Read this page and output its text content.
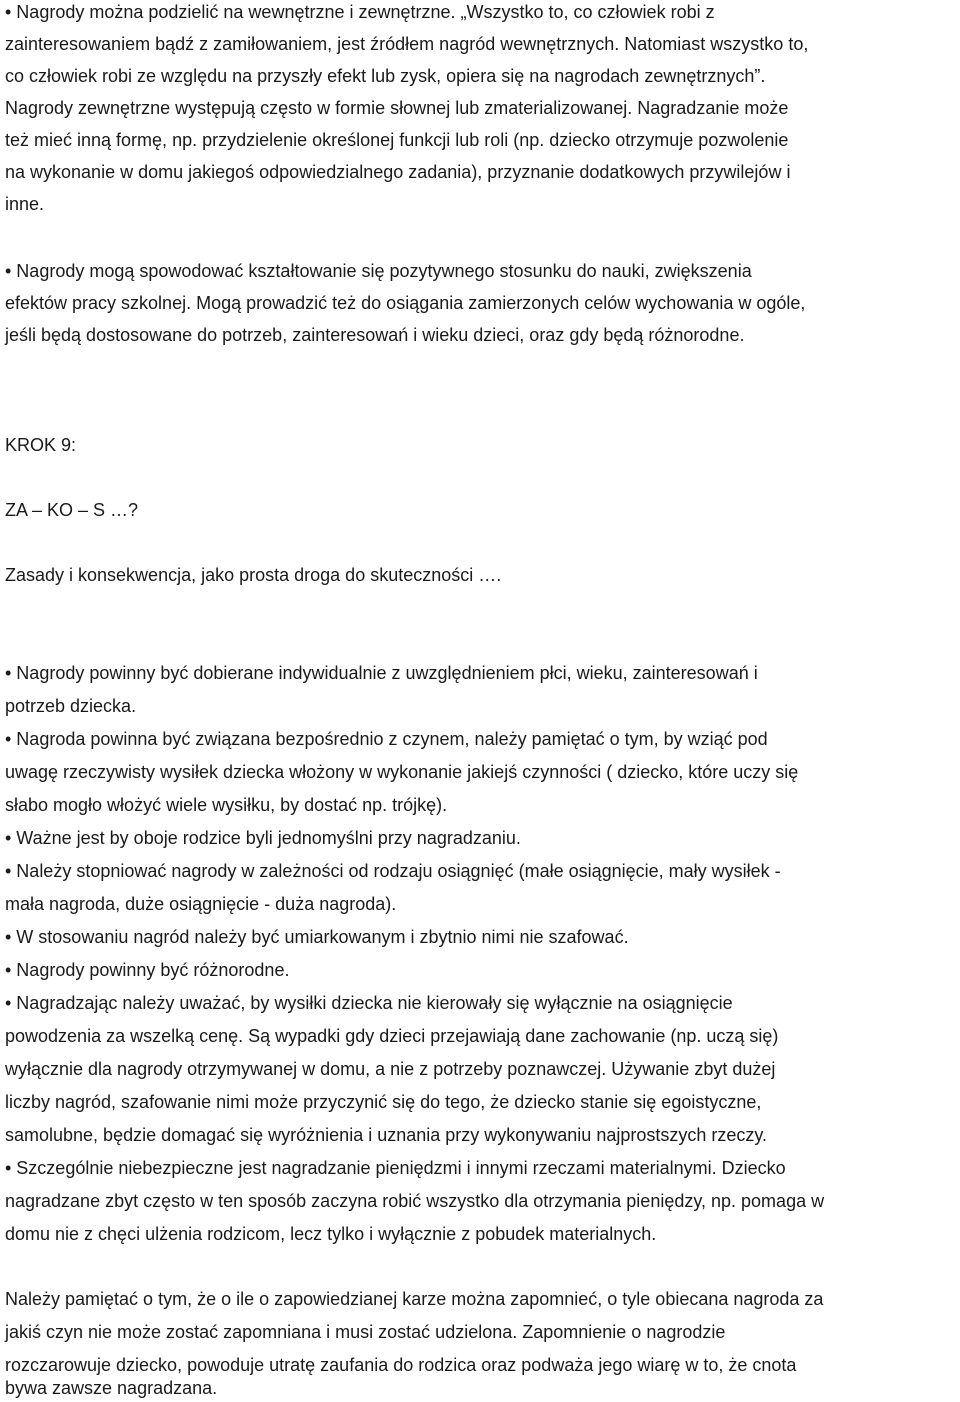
• Nagrody można podzielić na wewnętrzne i zewnętrzne. „Wszystko to, co człowiek robi z
zainteresowaniem bądź z zamiłowaniem, jest źródłem nagród wewnętrznych. Natomiast wszystko to,
co człowiek robi ze względu na przyszły efekt lub zysk, opiera się na nagrodach zewnętrznych”.
Nagrody zewnętrzne występują często w formie słownej lub zmaterializowanej. Nagradzanie może
też mieć inną formę, np. przydzielenie określonej funkcji lub roli (np. dziecko otrzymuje pozwolenie
na wykonanie w domu jakiegoś odpowiedzialnego zadania), przyznanie dodatkowych przywilejów i
inne.
• Nagrody mogą spowodować kształtowanie się pozytywnego stosunku do nauki, zwiększenia
efektów pracy szkolnej. Mogą prowadzić też do osiągania zamierzonych celów wychowania w ogóle,
jeśli będą dostosowane do potrzeb, zainteresowań i wieku dzieci, oraz gdy będą różnorodne.
KROK 9:
ZA – KO – S …?
Zasady i konsekwencja, jako prosta droga do skuteczności ….
• Nagrody powinny być dobierane indywidualnie z uwzględnieniem płci, wieku, zainteresowań i
potrzeb dziecka.
• Nagroda powinna być związana bezpośrednio z czynem, należy pamiętać o tym, by wziąć pod
uwagę rzeczywisty wysiłek dziecka włożony w wykonanie jakiejś czynności ( dziecko, które uczy się
słabo mogło włożyć wiele wysiłku, by dostać np. trójkę).
• Ważne jest by oboje rodzice byli jednomyślni przy nagradzaniu.
• Należy stopniować nagrody w zależności od rodzaju osiągnięć (małe osiągnięcie, mały wysiłek -
mała nagroda, duże osiągnięcie - duża nagroda).
• W stosowaniu nagród należy być umiarkowanym i zbytnio nimi nie szafować.
• Nagrody powinny być różnorodne.
• Nagradzając należy uważać, by wysiłki dziecka nie kierowały się wyłącznie na osiągnięcie
powodzenia za wszelką cenę. Są wypadki gdy dzieci przejawiają dane zachowanie (np. uczą się)
wyłącznie dla nagrody otrzymywanej w domu, a nie z potrzeby poznawczej. Używanie zbyt dużej
liczby nagród, szafowanie nimi może przyczynić się do tego, że dziecko stanie się egoistyczne,
samolubne, będzie domagać się wyróżnienia i uznania przy wykonywaniu najprostszych rzeczy.
• Szczególnie niebezpieczne jest nagradzanie pieniędzmi i innymi rzeczami materialnymi. Dziecko
nagradzane zbyt często w ten sposób zaczyna robić wszystko dla otrzymania pieniędzy, np. pomaga w
domu nie z chęci ulżenia rodzicom, lecz tylko i wyłącznie z pobudek materialnych.
Należy pamiętać o tym, że o ile o zapowiedzianej karze można zapomnieć, o tyle obiecana nagroda za
jakiś czyn nie może zostać zapomniana i musi zostać udzielona. Zapomnienie o nagrodzie
rozczarowuje dziecko, powoduje utratę zaufania do rodzica oraz podważa jego wiarę w to, że cnota
bywa zawsze nagradzana.
